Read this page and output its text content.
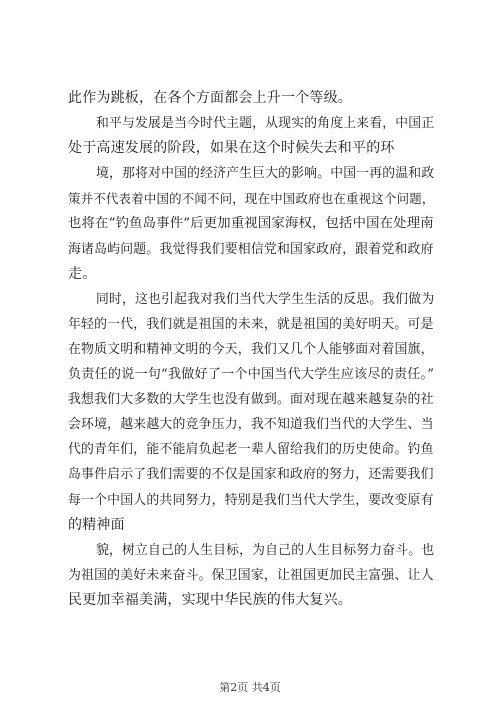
此作为跳板，在各个方面都会上升一个等级。
和平与发展是当今时代主题，从现实的角度上来看，中国正
处于高速发展的阶段，如果在这个时候失去和平的环
境，那将对中国的经济产生巨大的影响。中国一再的温和政
策并不代表着中国的不闻不问，现在中国政府也在重视这个问题，
也将在“钓鱼岛事件”后更加重视国家海权，包括中国在处理南
海诸岛屿问题。我觉得我们要相信党和国家政府，跟着党和政府
走。
同时，这也引起我对我们当代大学生生活的反思。我们做为
年轻的一代，我们就是祖国的未来，就是祖国的美好明天。可是
在物质文明和精神文明的今天，我们又几个人能够面对着国旗，
负责任的说一句“我做好了一个中国当代大学生应该尽的责任。”
我想我们大多数的大学生也没有做到。面对现在越来越复杂的社
会环境，越来越大的竞争压力，我不知道我们当代的大学生、当
代的青年们，能不能肩负起老一辈人留给我们的历史使命。钓鱼
岛事件启示了我们需要的不仅是国家和政府的努力，还需要我们
每一个中国人的共同努力，特别是我们当代大学生，要改变原有
的精神面
貌，树立自己的人生目标，为自己的人生目标努力奋斗。也
为祖国的美好未来奋斗。保卫国家，让祖国更加民主富强、让人
民更加幸福美满，实现中华民族的伟大复兴。
第2页 共4页
